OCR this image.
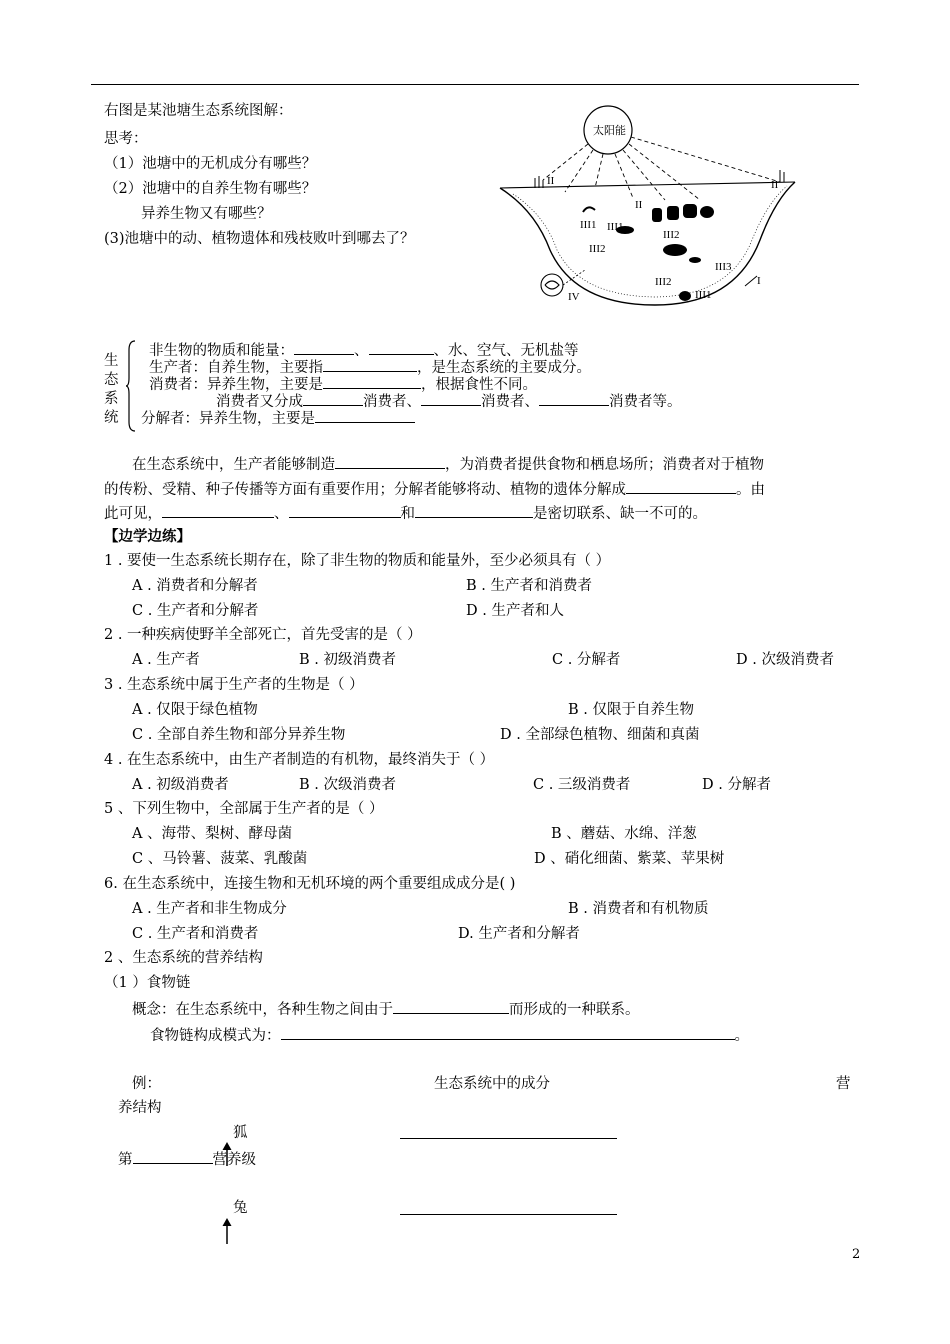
右图是某池塘生态系统图解：
思考：
（1）池塘中的无机成分有哪些？
（2）池塘中的自养生物有哪些？
异养生物又有哪些？
(3)池塘中的动、植物遗体和残枝败叶到哪去了？
太阳能
II
II
II
III1 III1
III2
III2
III3
III2
III1
I
IV
生态系统
非生物的物质和能量：	、	、水、空气、无机盐等
生产者：自养生物，主要指	，是生态系统的主要成分。
消费者：异养生物，主要是	，根据食性不同。
消费者又分成	消费者、	消费者、	消费者等。
分解者：异养生物，主要是
在生态系统中，生产者能够制造	，为消费者提供食物和栖息场所；消费者对于植物
的传粉、受精、种子传播等方面有重要作用；分解者能够将动、植物的遗体分解成	。由
此可见，	、	和	是密切联系、缺一不可的。
【边学边练】
1 . 要使一生态系统长期存在，除了非生物的物质和能量外，至少必须具有（ ）
A . 消费者和分解者	B . 生产者和消费者
C . 生产者和分解者	D . 生产者和人
2 . 一种疾病使野羊全部死亡，首先受害的是（ ）
A . 生产者	B . 初级消费者	C . 分解者	D . 次级消费者
3 . 生态系统中属于生产者的生物是（ ）
A . 仅限于绿色植物	B . 仅限于自养生物
C . 全部自养生物和部分异养生物	D . 全部绿色植物、细菌和真菌
4 . 在生态系统中，由生产者制造的有机物，最终消失于（ ）
A . 初级消费者	B . 次级消费者	C . 三级消费者	D . 分解者
5 、下列生物中，全部属于生产者的是（ ）
A 、海带、梨树、酵母菌	B 、蘑菇、水绵、洋葱
C 、马铃薯、菠菜、乳酸菌	D 、硝化细菌、紫菜、苹果树
6. 在生态系统中，连接生物和无机环境的两个重要组成成分是( )
A . 生产者和非生物成分	B . 消费者和有机物质
C . 生产者和消费者	D. 生产者和分解者
2 、生态系统的营养结构
（1 ）食物链
概念：在生态系统中，各种生物之间由于	而形成的一种联系。
食物链构成模式为：	。
例：	生态系统中的成分	营
养结构
狐
第	营养级
兔
2
